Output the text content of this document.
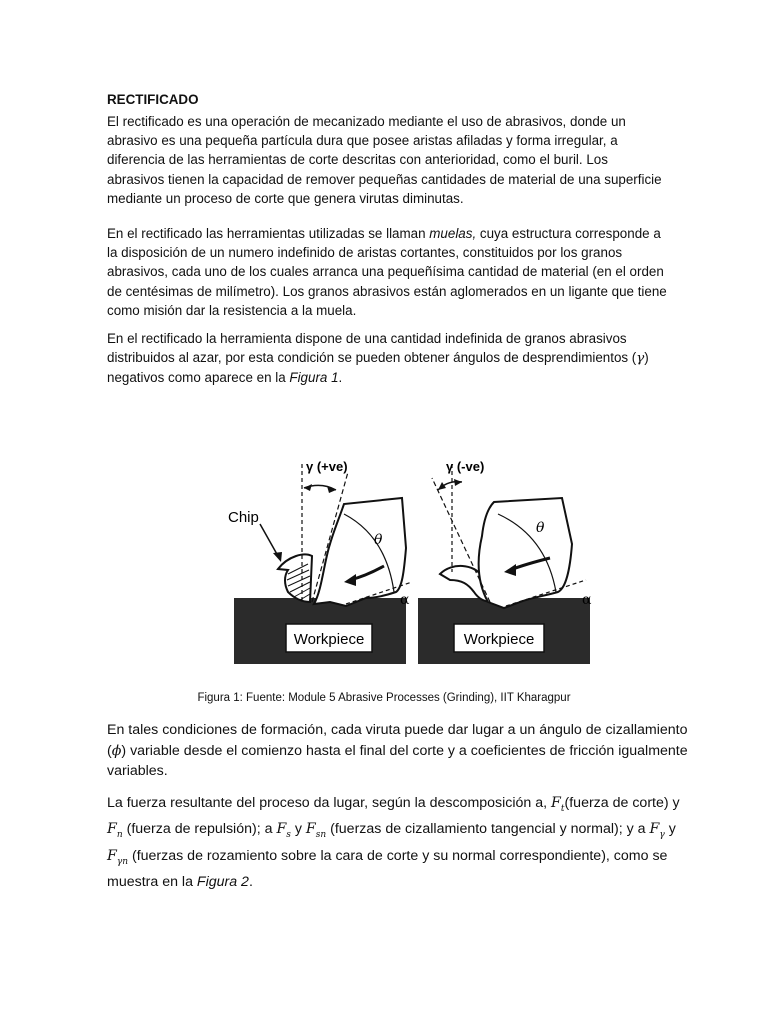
RECTIFICADO

El rectificado es una operación de mecanizado mediante el uso de abrasivos, donde un abrasivo es una pequeña partícula dura que posee aristas afiladas y forma irregular, a diferencia de las herramientas de corte descritas con anterioridad, como el buril. Los abrasivos tienen la capacidad de remover pequeñas cantidades de material de una superficie mediante un proceso de corte que genera virutas diminutas.

En el rectificado las herramientas utilizadas se llaman muelas, cuya estructura corresponde a la disposición de un numero indefinido de aristas cortantes, constituidos por los granos abrasivos, cada uno de los cuales arranca una pequeñísima cantidad de material (en el orden de centésimas de milímetro). Los granos abrasivos están aglomerados en un ligante que tiene como misión dar la resistencia a la muela.

En el rectificado la herramienta dispone de una cantidad indefinida de granos abrasivos distribuidos al azar, por esta condición se pueden obtener ángulos de desprendimientos (γ) negativos como aparece en la Figura 1.

Workpiece
γ (+ve)
θ
α
Chip
Workpiece
γ (-ve)
θ
α
Figura 1: Fuente: Module 5 Abrasive Processes (Grinding), IIT Kharagpur

En tales condiciones de formación, cada viruta puede dar lugar a un ángulo de cizallamiento (ϕ) variable desde el comienzo hasta el final del corte y a coeficientes de fricción igualmente variables.

La fuerza resultante del proceso da lugar, según la descomposición a, $F_t(fuerza$ de corte) y $F_n$ (fuerza de repulsión); a $F_s$ y $F_{sn}$ (fuerzas de cizallamiento tangencial y normal); y a $F_\gamma$ y $F_{\gamma n}$ (fuerzas de rozamiento sobre la cara de corte y su normal correspondiente), como se muestra en la Figura 2.
